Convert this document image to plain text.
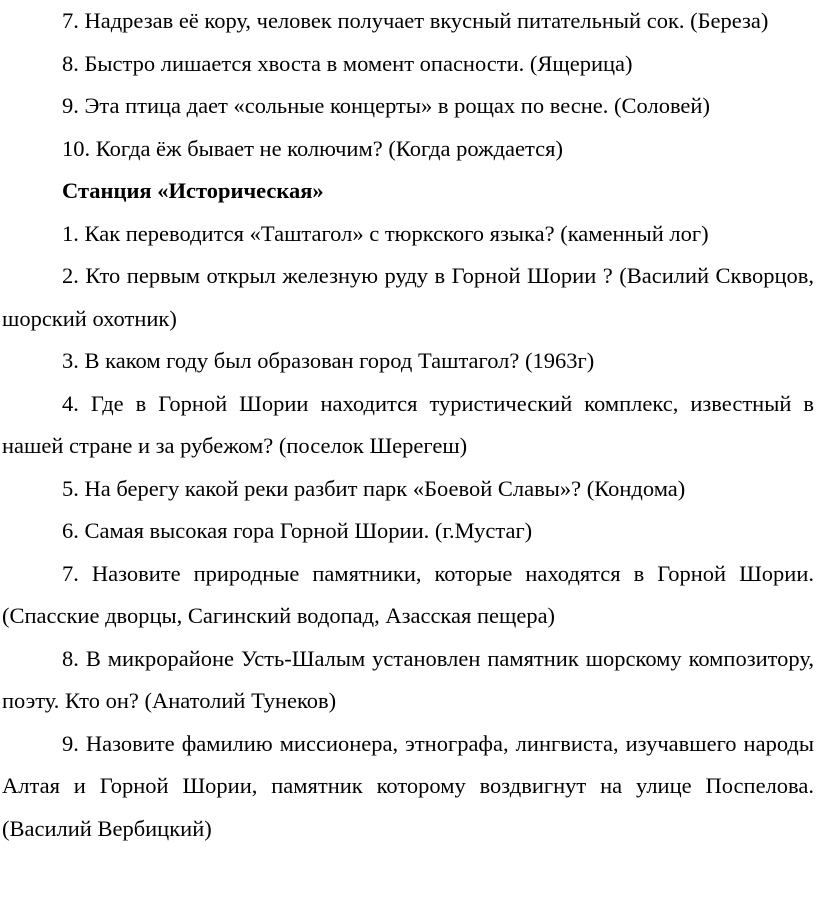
7. Надрезав её кору, человек получает вкусный питательный сок. (Береза)

8. Быстро лишается хвоста в момент опасности. (Ящерица)

9. Эта птица дает «сольные концерты» в рощах по весне. (Соловей)

10. Когда ёж бывает не колючим? (Когда рождается)

Станция «Историческая»

1. Как переводится «Таштагол» с тюркского языка? (каменный лог)

2. Кто первым открыл железную руду в Горной Шории ? (Василий Скворцов, шорский охотник)

3. В каком году был образован город Таштагол? (1963г)

4. Где в Горной Шории находится туристический комплекс, известный в нашей стране и за рубежом? (поселок Шерегеш)

5. На берегу какой реки разбит парк «Боевой Славы»? (Кондома)

6. Самая высокая гора Горной Шории. (г.Мустаг)

7. Назовите природные памятники, которые находятся в Горной Шории. (Спасские дворцы, Сагинский водопад, Азасская пещера)

8. В микрорайоне Усть-Шалым установлен памятник шорскому композитору, поэту. Кто он? (Анатолий Тунеков)

9. Назовите фамилию миссионера, этнографа, лингвиста, изучавшего народы Алтая и Горной Шории, памятник которому воздвигнут на улице Поспелова.(Василий Вербицкий)
